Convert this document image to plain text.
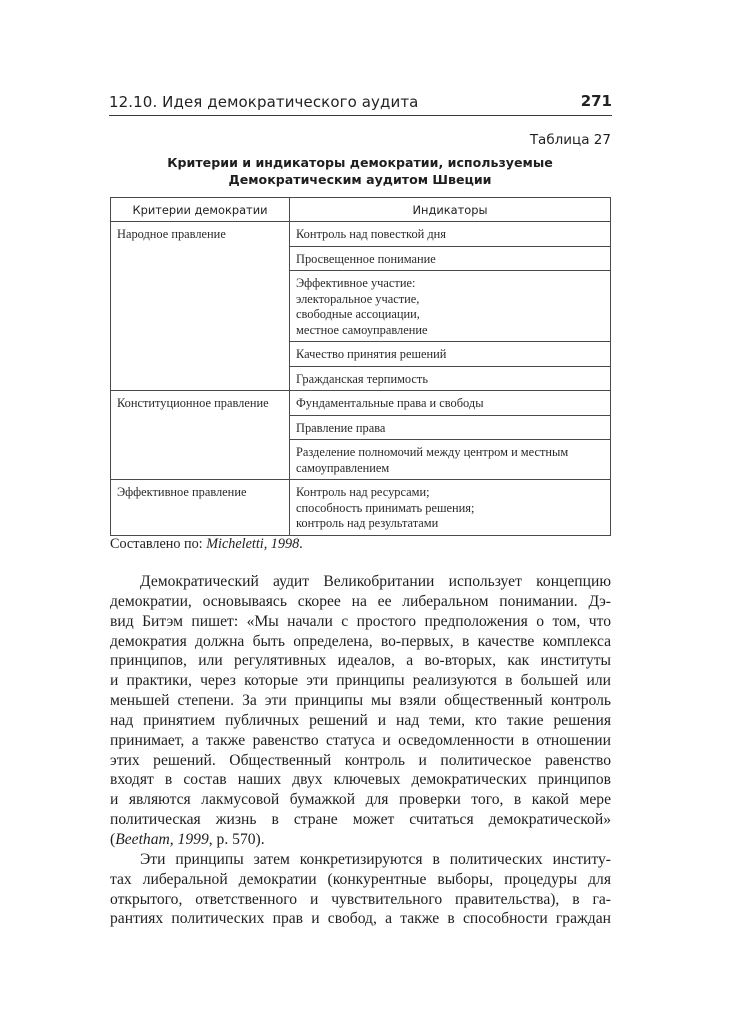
12.10. Идея демократического аудита	271
Таблица 27
Критерии и индикаторы демократии, используемые
Демократическим аудитом Швеции
Критерии демократии	Индикаторы
Народное правление	Контроль над повесткой дня

	Просвещенное понимание

	Эффективное участие:
электоральное участие,
свободные ассоциации,
местное самоуправление

	Качество принятия решений

	Гражданская терпимость

Конституционное правление	Фундаментальные права и свободы

	Правление права

	Разделение полномочий между центром и местным
самоуправлением

Эффективное правление	Контроль над ресурсами;
способность принимать решения;
контроль над результатами
Составлено по: Micheletti, 1998.
Демократический аудит Великобритании использует концепцию
демократии, основываясь скорее на ее либеральном понимании. Дэ-
вид Битэм пишет: «Мы начали с простого предположения о том, что
демократия должна быть определена, во-первых, в качестве комплекса
принципов, или регулятивных идеалов, а во-вторых, как институты
и практики, через которые эти принципы реализуются в большей или
меньшей степени. За эти принципы мы взяли общественный контроль
над принятием публичных решений и над теми, кто такие решения
принимает, а также равенство статуса и осведомленности в отношении
этих решений. Общественный контроль и политическое равенство
входят в состав наших двух ключевых демократических принципов
и являются лакмусовой бумажкой для проверки того, в какой мере
политическая жизнь в стране может считаться демократической»
(Beetham, 1999, p. 570).
Эти принципы затем конкретизируются в политических институ-
тах либеральной демократии (конкурентные выборы, процедуры для
открытого, ответственного и чувствительного правительства), в га-
рантиях политических прав и свобод, а также в способности граждан
